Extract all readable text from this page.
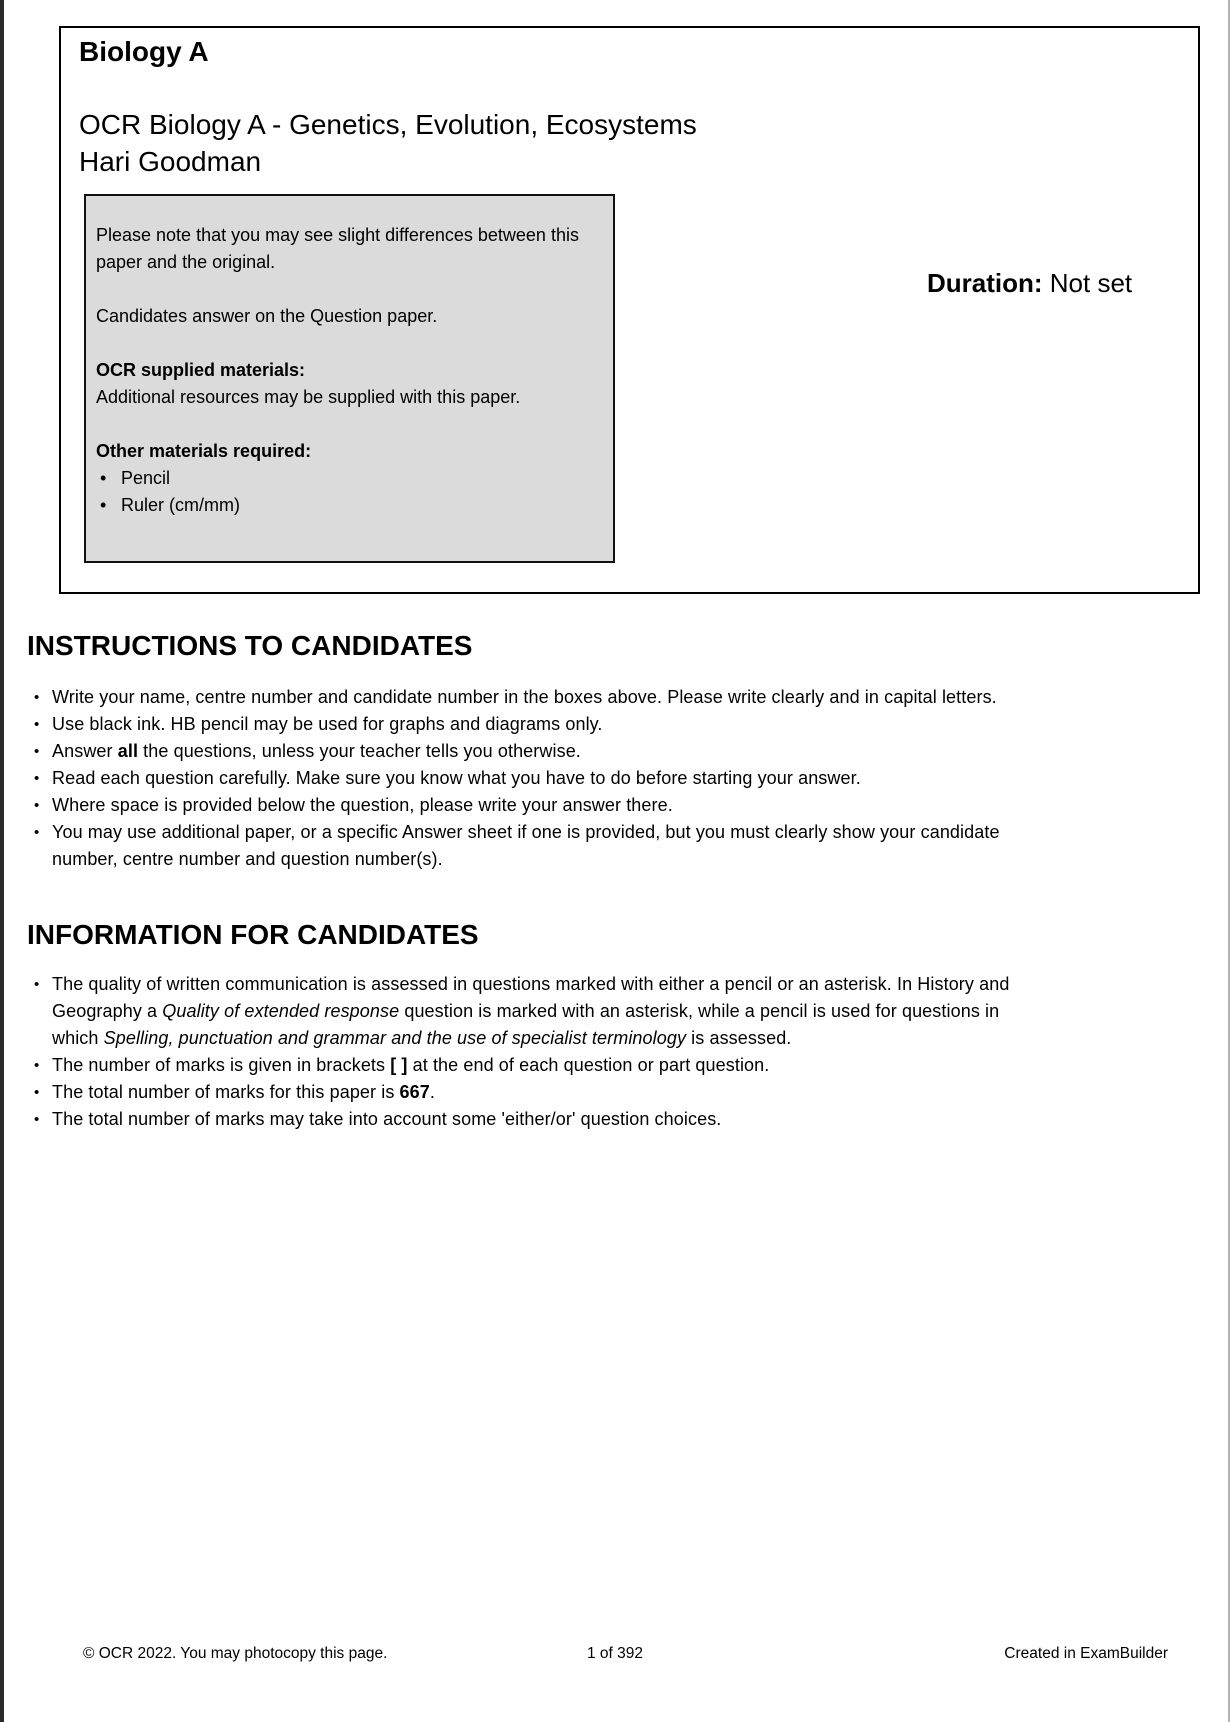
Biology A
OCR Biology A - Genetics, Evolution, Ecosystems
Hari Goodman

Please note that you may see slight differences between this paper and the original.

Candidates answer on the Question paper.

OCR supplied materials:
Additional resources may be supplied with this paper.

Other materials required:

• Pencil
• Ruler (cm/mm)
Duration: Not set
INSTRUCTIONS TO CANDIDATES
• Write your name, centre number and candidate number in the boxes above. Please write clearly and in capital letters.
• Use black ink. HB pencil may be used for graphs and diagrams only.
• Answer all the questions, unless your teacher tells you otherwise.
• Read each question carefully. Make sure you know what you have to do before starting your answer.
• Where space is provided below the question, please write your answer there.
• You may use additional paper, or a specific Answer sheet if one is provided, but you must clearly show your candidate
number, centre number and question number(s).
INFORMATION FOR CANDIDATES
• The quality of written communication is assessed in questions marked with either a pencil or an asterisk. In History and
Geography a Quality of extended response question is marked with an asterisk, while a pencil is used for questions in
which Spelling, punctuation and grammar and the use of specialist terminology is assessed.
• The number of marks is given in brackets [ ] at the end of each question or part question.
• The total number of marks for this paper is 667.
• The total number of marks may take into account some 'either/or' question choices.
© OCR 2022. You may photocopy this page.	1 of 392	Created in ExamBuilder
